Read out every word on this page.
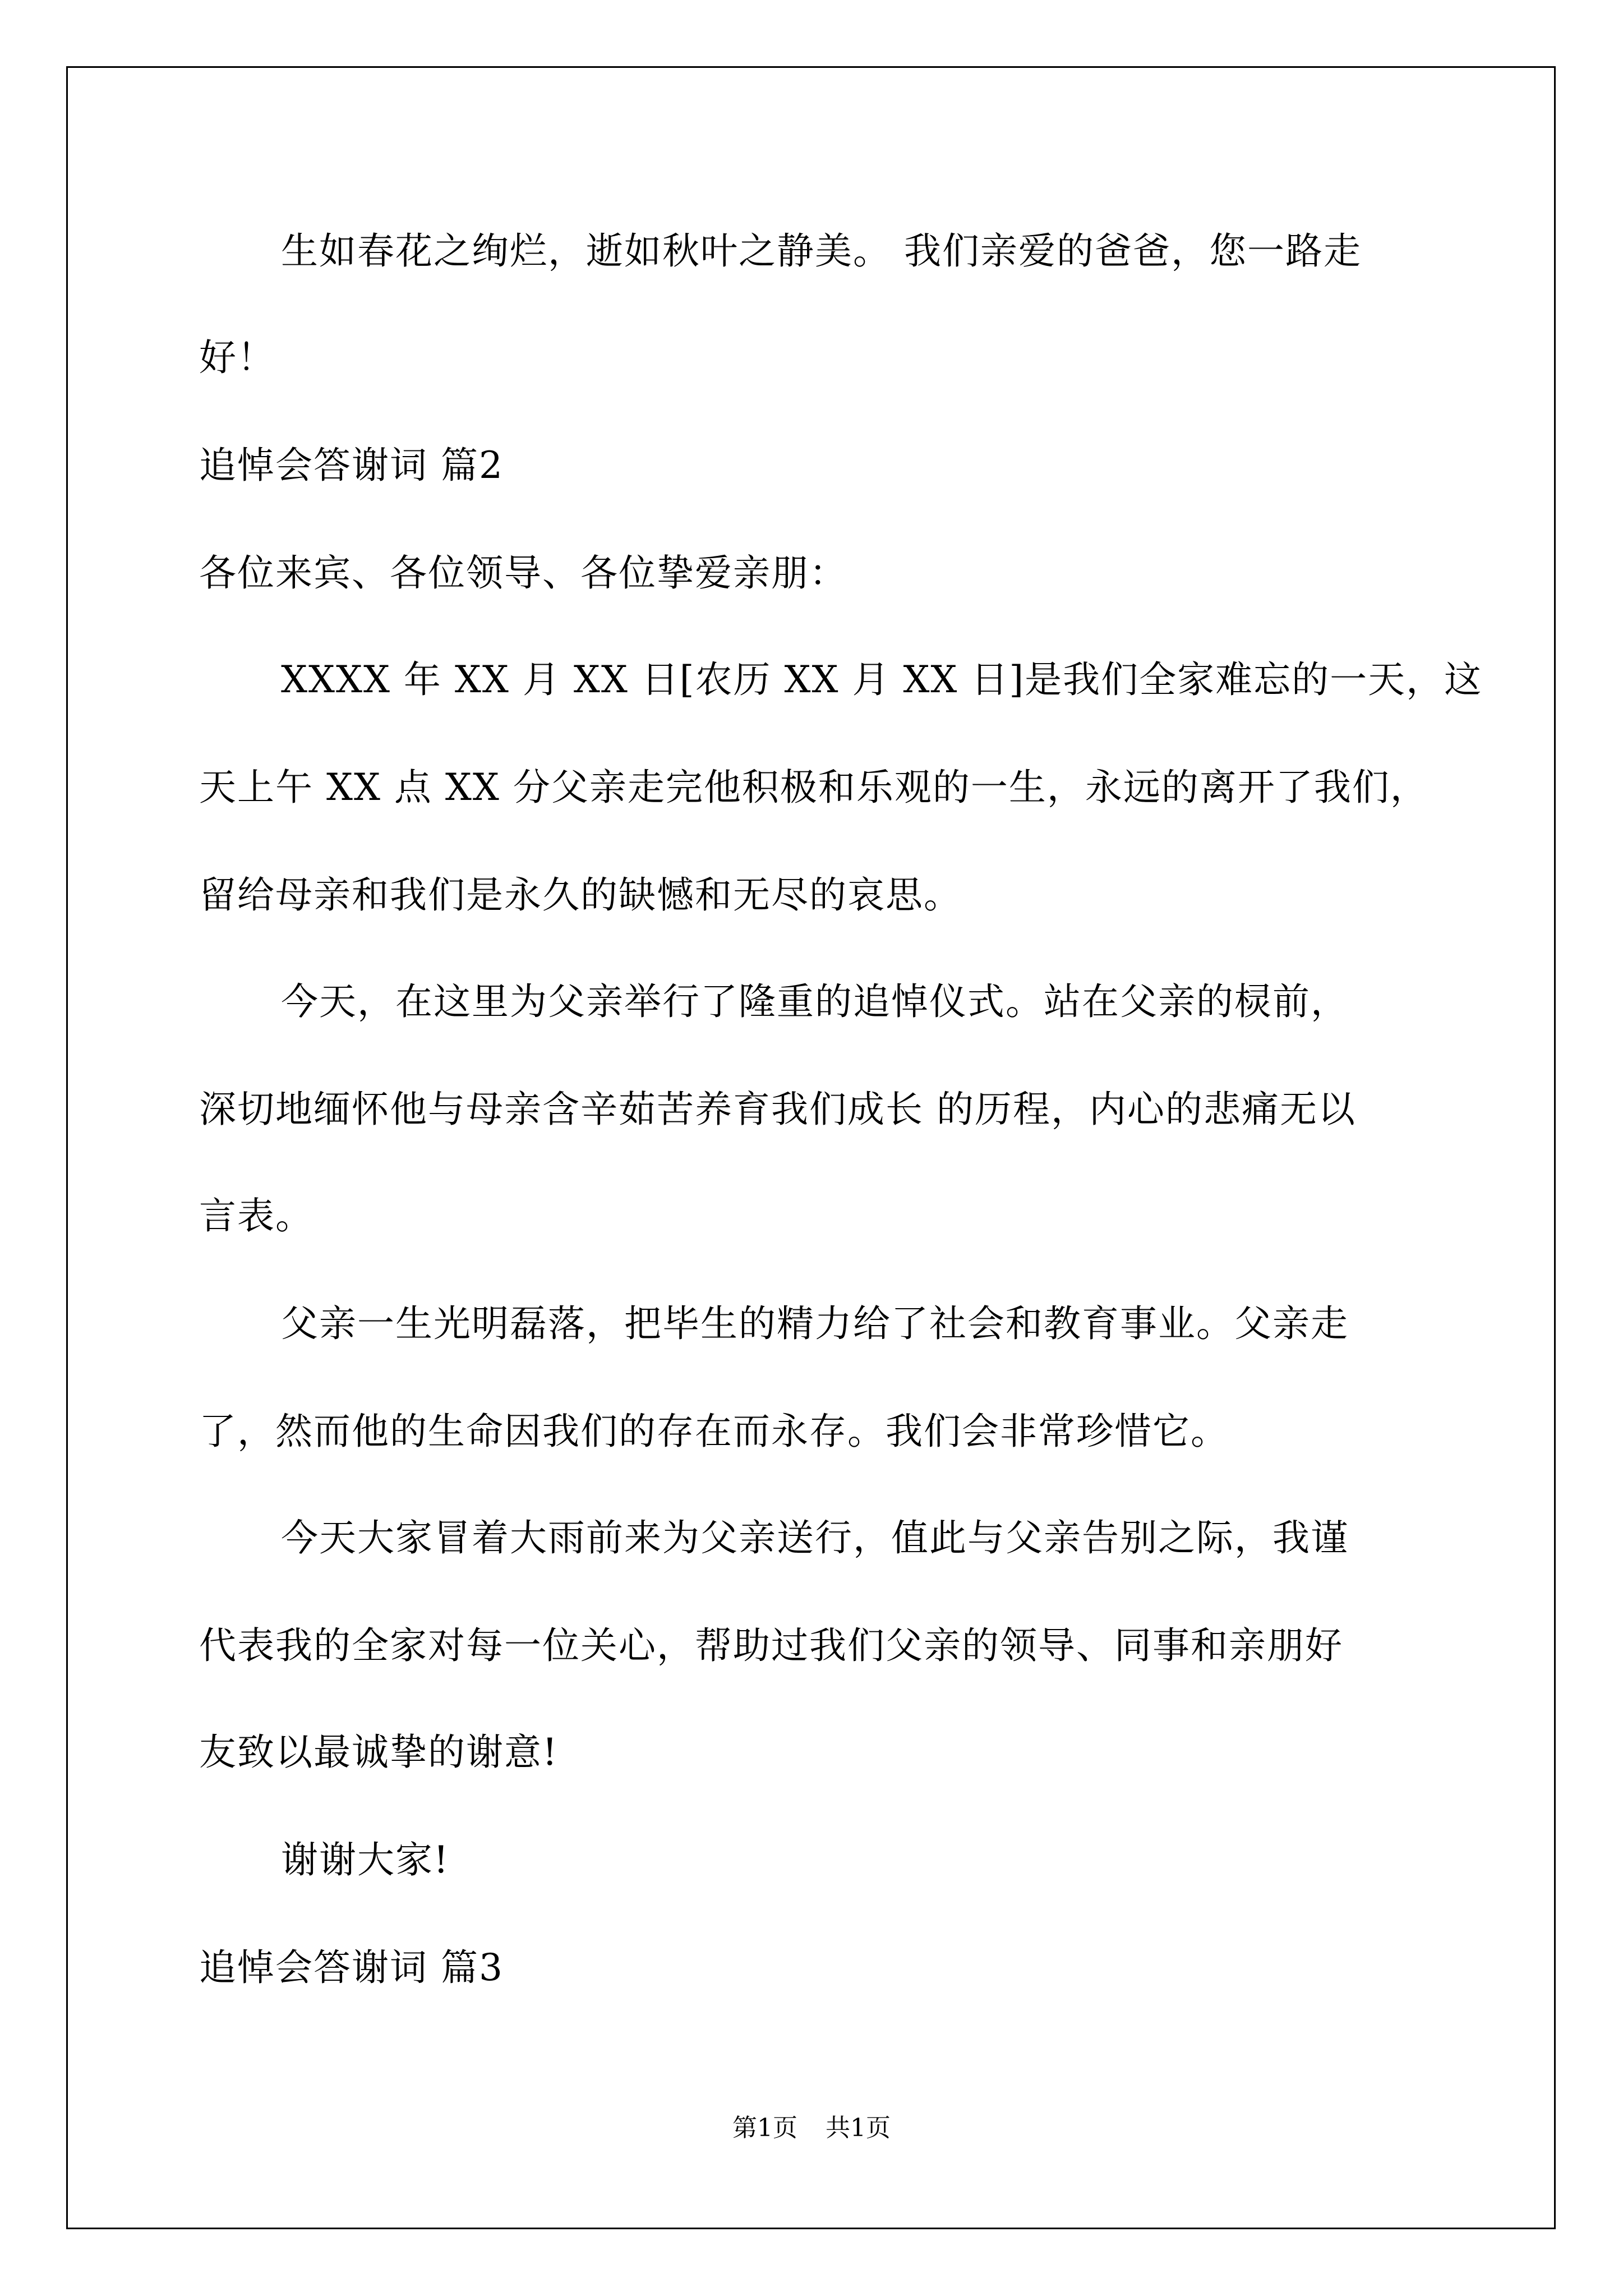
生如春花之绚烂，逝如秋叶之静美。 我们亲爱的爸爸，您一路走
好！
追悼会答谢词 篇2
各位来宾、各位领导、各位挚爱亲朋：
XXXX 年 XX 月 XX 日[农历 XX 月 XX 日]是我们全家难忘的一天，这
天上午 XX 点 XX 分父亲走完他积极和乐观的一生，永远的离开了我们，
留给母亲和我们是永久的缺憾和无尽的哀思。
今天，在这里为父亲举行了隆重的追悼仪式。站在父亲的棂前，
深切地缅怀他与母亲含辛茹苦养育我们成长 的历程，内心的悲痛无以
言表。
父亲一生光明磊落，把毕生的精力给了社会和教育事业。父亲走
了，然而他的生命因我们的存在而永存。我们会非常珍惜它。
今天大家冒着大雨前来为父亲送行，值此与父亲告别之际，我谨
代表我的全家对每一位关心，帮助过我们父亲的领导、同事和亲朋好
友致以最诚挚的谢意!
谢谢大家!
追悼会答谢词 篇3
第1页 共1页
